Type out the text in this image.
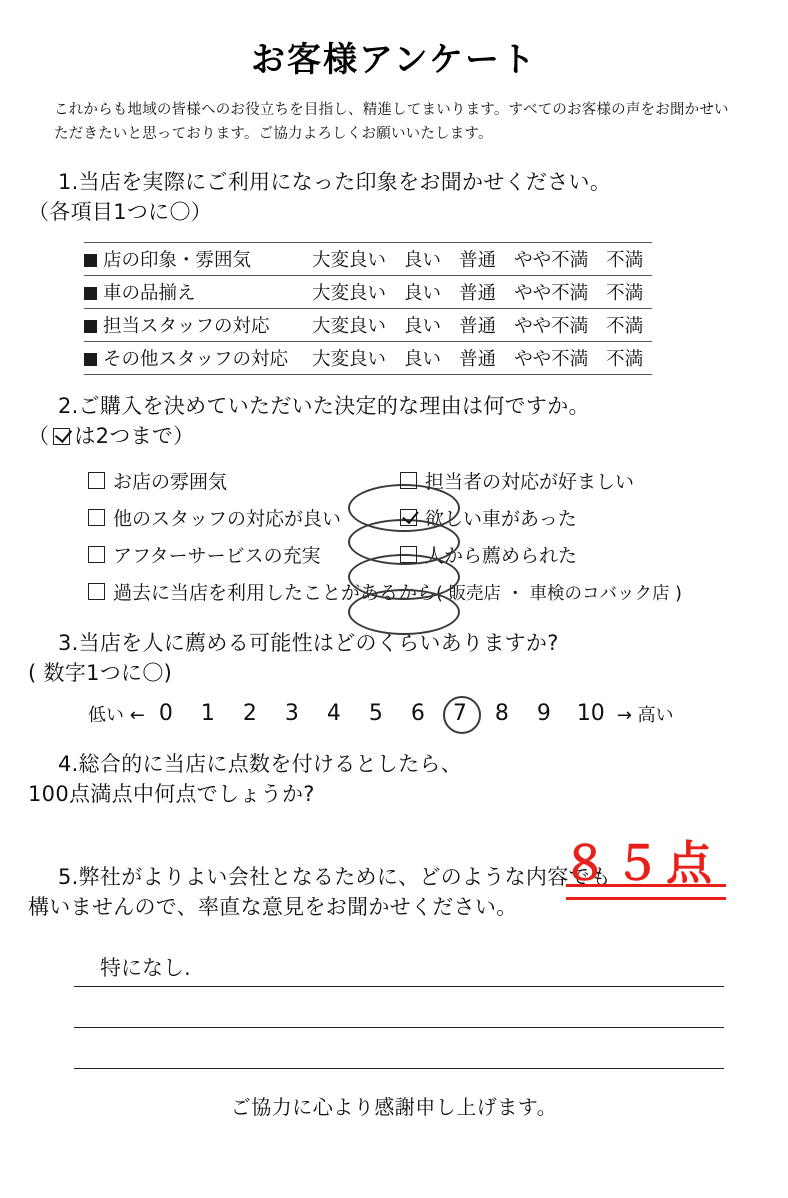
お客様アンケート
これからも地域の皆様へのお役立ちを目指し、精進してまいります。すべてのお客様の声をお聞かせいただきたいと思っております。ご協力よろしくお願いいたします。
1.当店を実際にご利用になった印象をお聞かせください。
（各項目1つに〇）
店の印象・雰囲気	大変良い	良い	普通	やや不満	不満
車の品揃え	大変良い	良い	普通	やや不満	不満
担当スタッフの対応	大変良い	良い	普通	やや不満	不満
その他スタッフの対応	大変良い	良い	普通	やや不満	不満
2.ご購入を決めていただいた決定的な理由は何ですか。
（ は2つまで）
お店の雰囲気	担当者の対応が好ましい
他のスタッフの対応が良い	欲しい車があった
アフターサービスの充実	人から薦められた
過去に当店を利用したことがあるから( 販売店 ・ 車検のコバック店 )
3.当店を人に薦める可能性はどのくらいありますか?
( 数字1つに〇)
低い ← 0	1	2	3	4	5	6	7	8	9	10 → 高い
4.総合的に当店に点数を付けるとしたら、
100点満点中何点でしょうか?
８５点
5.弊社がよりよい会社となるために、どのような内容でも
構いませんので、率直な意見をお聞かせください。
特になし.
ご協力に心より感謝申し上げます。
